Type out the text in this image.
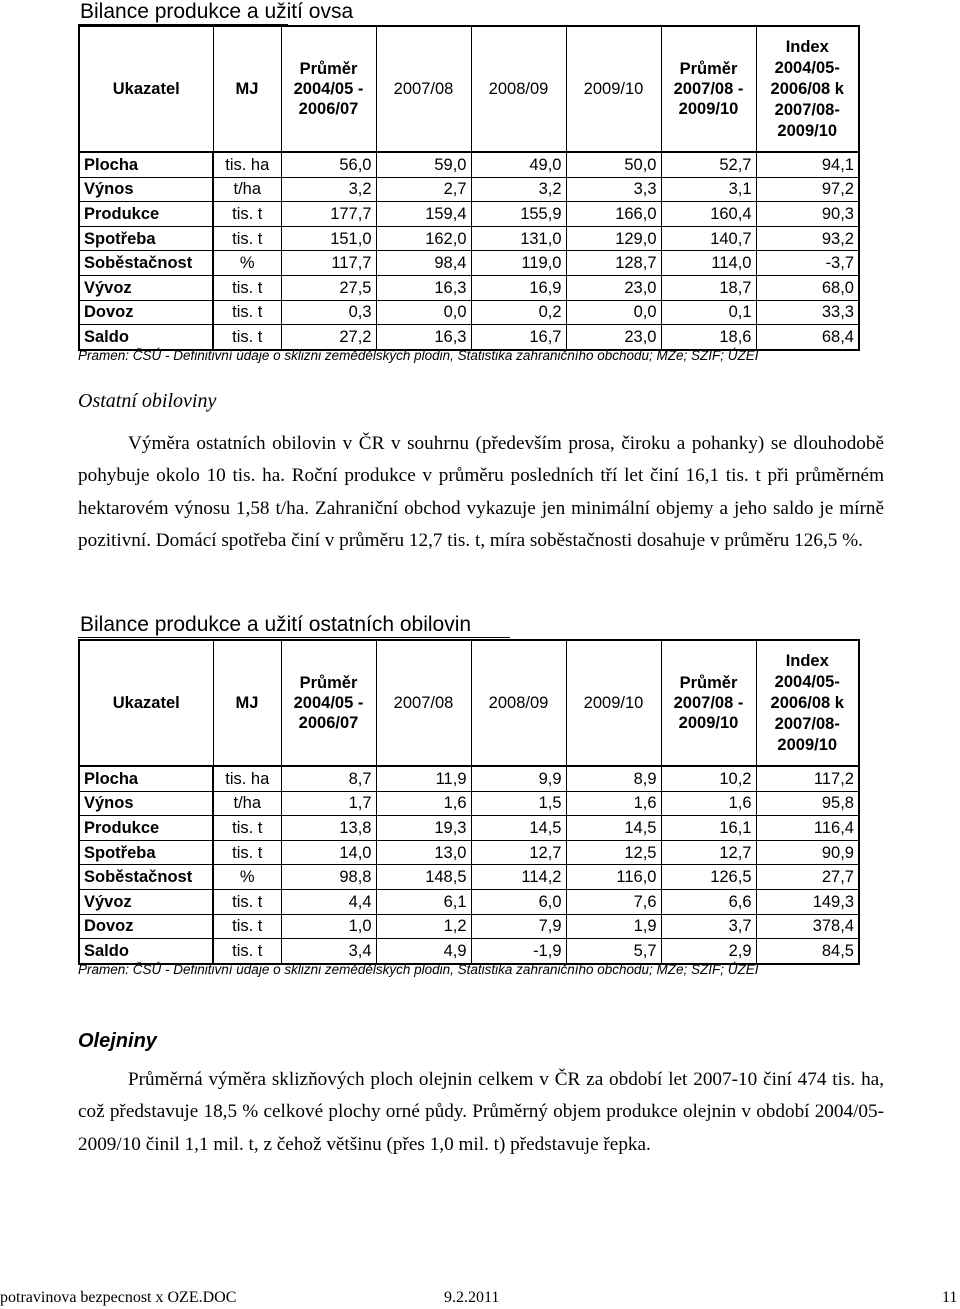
Bilance produkce a užití ovsa
Ukazatel	MJ	Průměr 2004/05 - 2006/07	2007/08	2008/09	2009/10	Průměr 2007/08 - 2009/10	Index 2004/05-2006/08 k 2007/08-2009/10
Plocha	tis. ha	56,0	59,0	49,0	50,0	52,7	94,1
Výnos	t/ha	3,2	2,7	3,2	3,3	3,1	97,2
Produkce	tis. t	177,7	159,4	155,9	166,0	160,4	90,3
Spotřeba	tis. t	151,0	162,0	131,0	129,0	140,7	93,2
Soběstačnost	%	117,7	98,4	119,0	128,7	114,0	-3,7
Vývoz	tis. t	27,5	16,3	16,9	23,0	18,7	68,0
Dovoz	tis. t	0,3	0,0	0,2	0,0	0,1	33,3
Saldo	tis. t	27,2	16,3	16,7	23,0	18,6	68,4
Pramen: ČSÚ - Definitivní údaje o sklizni zemědělských plodin, Statistika zahraničního obchodu; MZe; SZIF; ÚZEI
Ostatní obiloviny
Výměra ostatních obilovin v ČR v souhrnu (především prosa, čiroku a pohanky) se dlouhodobě pohybuje okolo 10 tis. ha. Roční produkce v průměru posledních tří let činí 16,1 tis. t při průměrném hektarovém výnosu 1,58 t/ha. Zahraniční obchod vykazuje jen minimální objemy a jeho saldo je mírně pozitivní. Domácí spotřeba činí v průměru 12,7 tis. t, míra soběstačnosti dosahuje v průměru 126,5 %.
Bilance produkce a užití ostatních obilovin
Ukazatel	MJ	Průměr 2004/05 - 2006/07	2007/08	2008/09	2009/10	Průměr 2007/08 - 2009/10	Index 2004/05-2006/08 k 2007/08-2009/10
Plocha	tis. ha	8,7	11,9	9,9	8,9	10,2	117,2
Výnos	t/ha	1,7	1,6	1,5	1,6	1,6	95,8
Produkce	tis. t	13,8	19,3	14,5	14,5	16,1	116,4
Spotřeba	tis. t	14,0	13,0	12,7	12,5	12,7	90,9
Soběstačnost	%	98,8	148,5	114,2	116,0	126,5	27,7
Vývoz	tis. t	4,4	6,1	6,0	7,6	6,6	149,3
Dovoz	tis. t	1,0	1,2	7,9	1,9	3,7	378,4
Saldo	tis. t	3,4	4,9	-1,9	5,7	2,9	84,5
Pramen: ČSÚ - Definitivní údaje o sklizni zemědělských plodin, Statistika zahraničního obchodu; MZe; SZIF; ÚZEI
Olejniny
Průměrná výměra sklizňových ploch olejnin celkem v ČR za období let 2007-10 činí 474 tis. ha, což představuje 18,5 % celkové plochy orné půdy. Průměrný objem produkce olejnin v období 2004/05-2009/10 činil 1,1 mil. t, z čehož většinu (přes 1,0 mil. t) představuje řepka.
potravinova bezpecnost x OZE.DOC	9.2.2011	11
